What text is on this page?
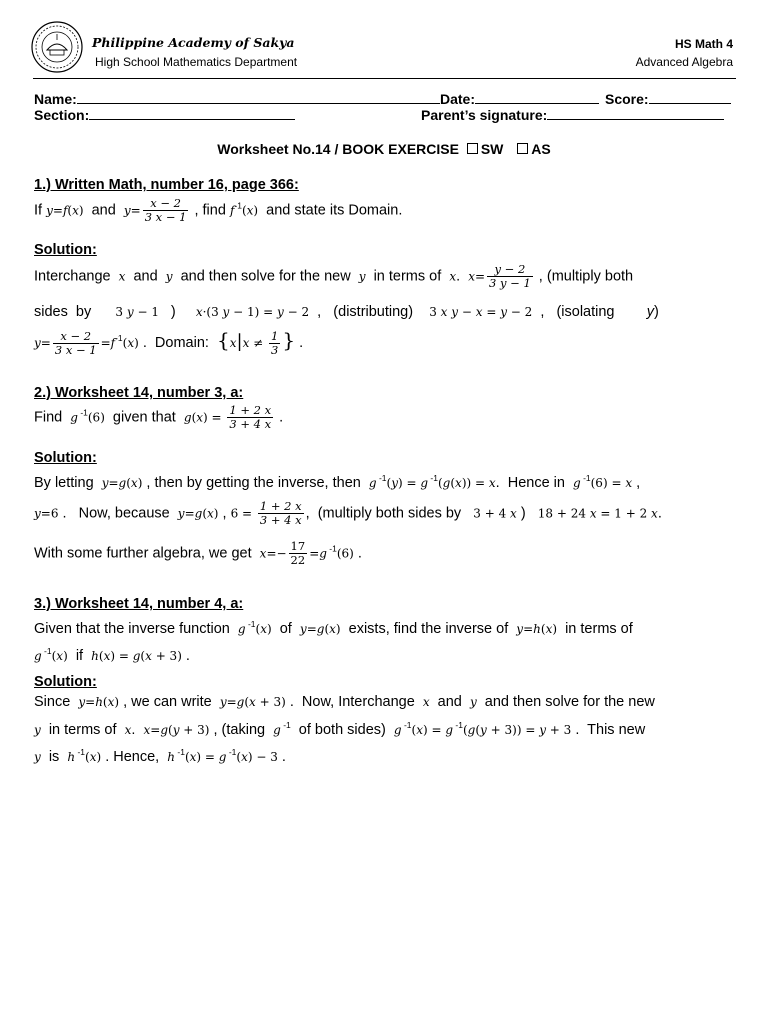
Philippine Academy of Sakya
High School Mathematics Department
HS Math 4
Advanced Algebra
Name:	Date:	Score:
Section:	Parent’s signature:
Worksheet No.14 / BOOK EXERCISE SW AS
1.) Written Math, number 16, page 366:
If y=f(x)  and  $y= \frac{x - 2}{3 x - 1}$ , find $f^{-1}(x)$  and state its Domain.
Solution:
Interchange  x  and  y  and then solve for the new  y  in terms of  x.  $x= \frac{y - 2}{3 y - 1}$ , (multiply both
sides  by      3 y − 1   )     x·(3 y − 1) = y − 2  ,   (distributing)    3 x y − x = y − 2  ,   (isolating        y)
$y= \frac{x - 2}{3 x - 1} =f^{-1}(x)$ .  Domain:  {$x|x \ne \frac{1}{3}$ } .
2.) Worksheet 14, number 3, a:
Find  g $^{-1}$(6)  given that  $g(x) = \frac{1 + 2 x}{3 + 4 x}$ .
Solution:
By letting  y=g(x) , then by getting the inverse, then  g $^{-1}$(y) = g $^{-1}$(g(x)) = x.  Hence in  g $^{-1}$(6) = x ,
y=6 .   Now, because  y=g(x) , $6 = \frac{1 + 2 x}{3 + 4 x}$ ,  (multiply both sides by   3 + 4 x )   18 + 24 x = 1 + 2 x.
With some further algebra, we get  $x=- \frac{17}{22} =g$ $^{-1}$(6) .
3.) Worksheet 14, number 4, a:
Given that the inverse function  g $^{-1}$(x)  of  y=g(x)  exists, find the inverse of  y=h(x)  in terms of
g $^{-1}$(x)  if  h(x) = g(x + 3) .
Solution:
Since  y=h(x) , we can write  y=g(x + 3) .  Now, Interchange  x  and  y  and then solve for the new
y  in terms of  x.  x=g(y + 3) , (taking  g $^{-1}$  of both sides)  g $^{-1}$(x) = g $^{-1}$(g(y + 3)) = y + 3 .  This new
y  is  h $^{-1}$(x) . Hence,  h $^{-1}$(x) = g $^{-1}$(x) − 3 .
